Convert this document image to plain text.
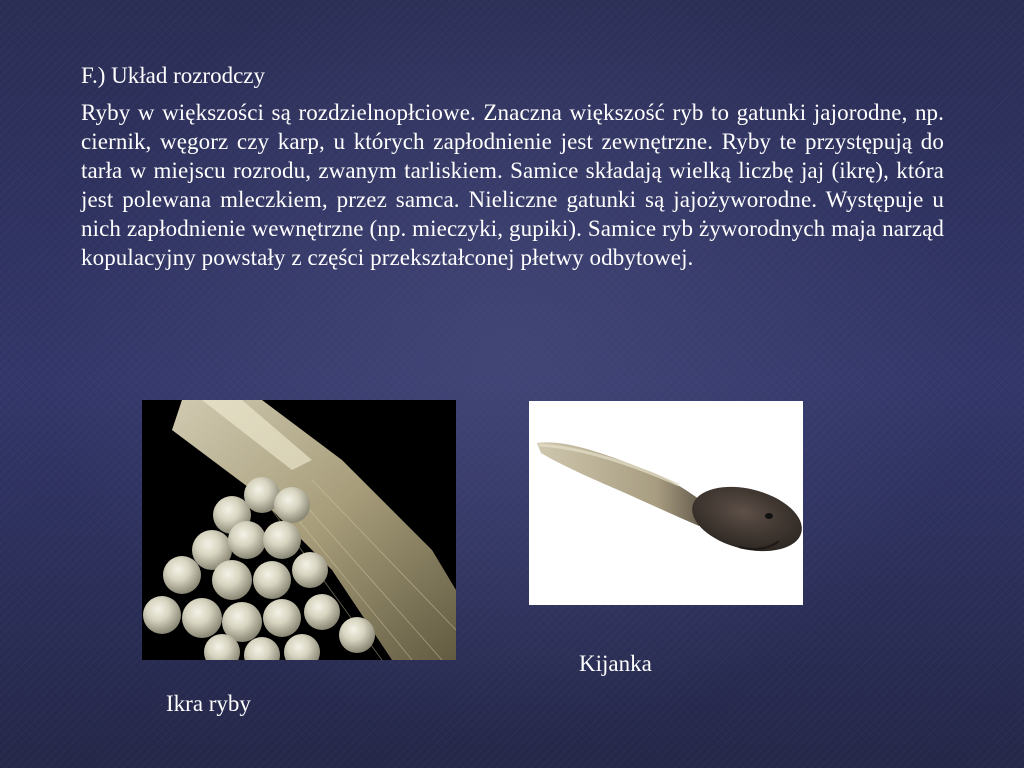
F.) Układ rozrodczy

Ryby w większości są rozdzielnopłciowe. Znaczna większość ryb to gatunki jajorodne, np. ciernik, węgorz czy karp, u których zapłodnienie jest zewnętrzne. Ryby te przystępują do tarła w miejscu rozrodu, zwanym tarliskiem. Samice składają wielką liczbę jaj (ikrę), która jest polewana mleczkiem, przez samca. Nieliczne gatunki są jajożyworodne. Występuje u nich zapłodnienie wewnętrzne (np. mieczyki, gupiki). Samice ryb żyworodnych maja narząd kopulacyjny powstały z części przekształconej płetwy odbytowej.

Kijanka

Ikra ryby
